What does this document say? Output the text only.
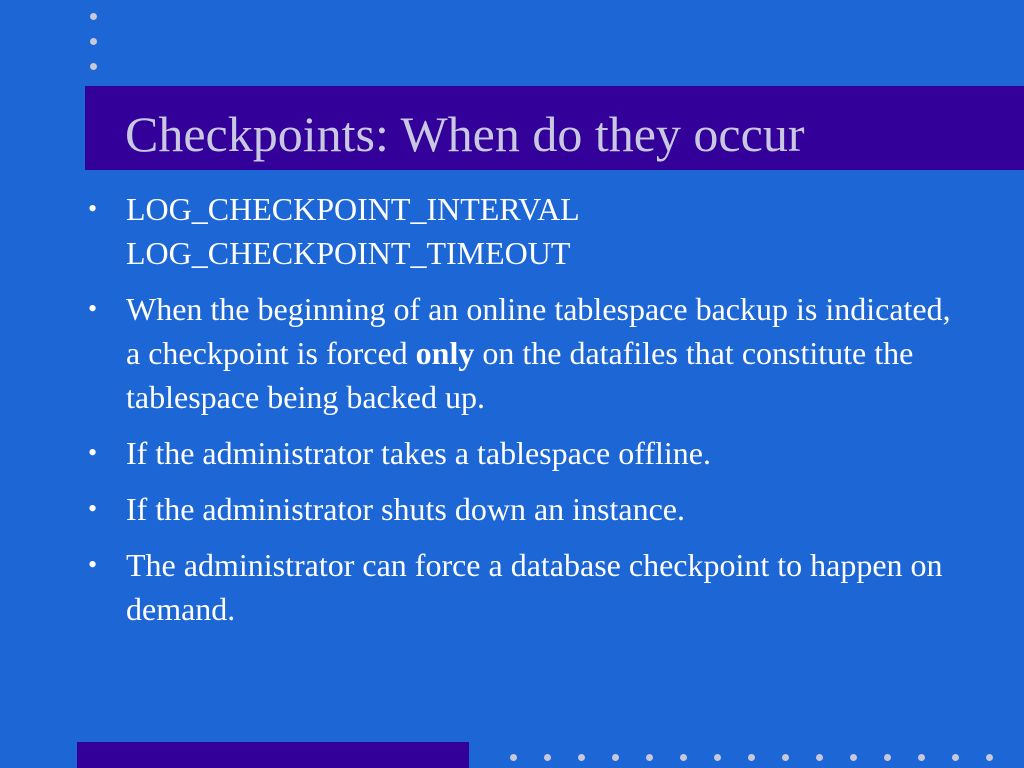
Checkpoints: When do they occur
• LOG_CHECKPOINT_INTERVAL
LOG_CHECKPOINT_TIMEOUT
• When the beginning of an online tablespace backup is indicated, a checkpoint is forced only on the datafiles that constitute the tablespace being backed up.
• If the administrator takes a tablespace offline.
• If the administrator shuts down an instance.
• The administrator can force a database checkpoint to happen on demand.
